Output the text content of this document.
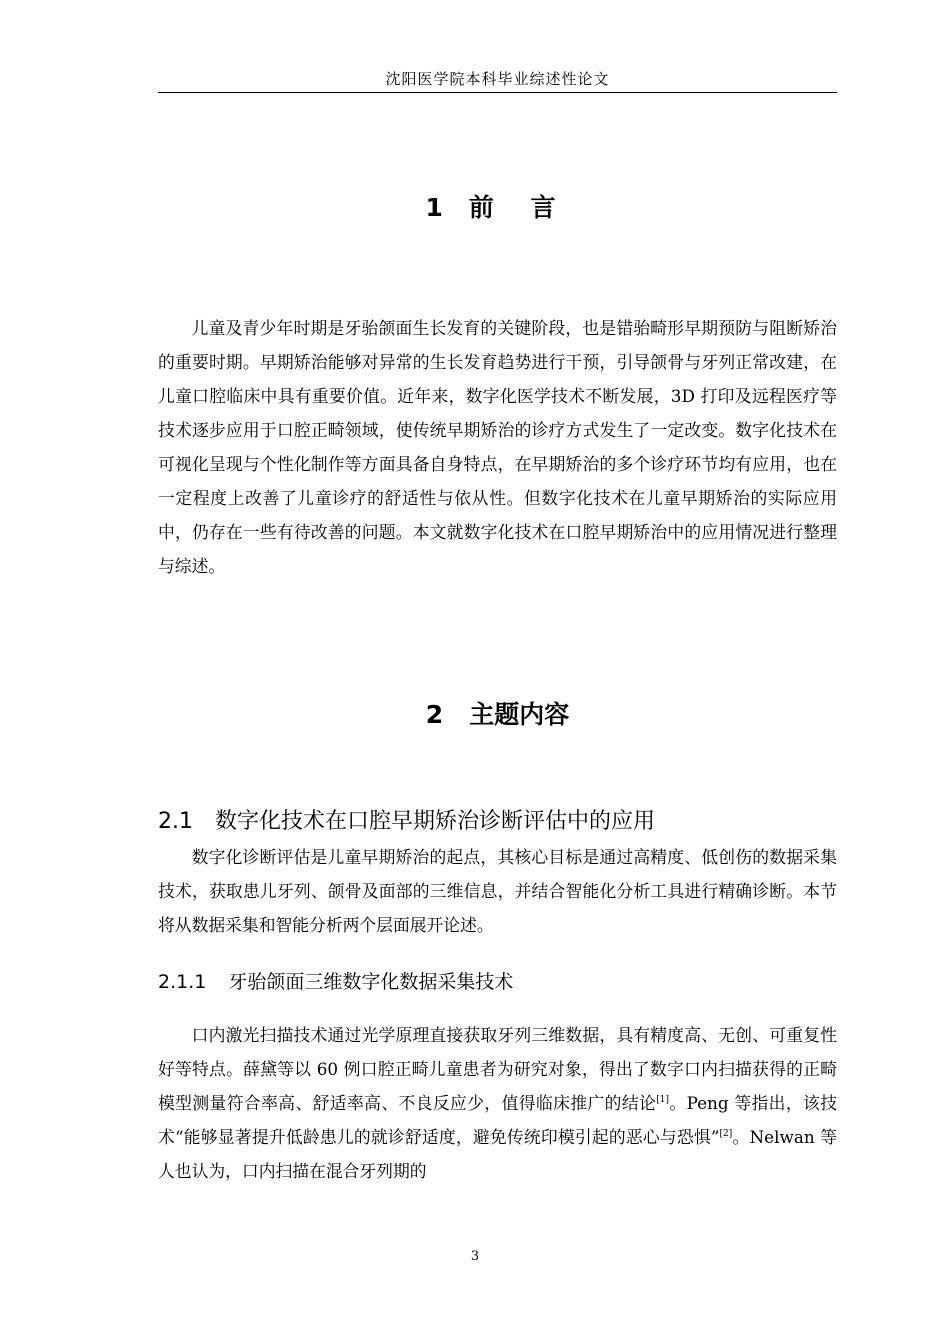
沈阳医学院本科毕业综述性论文
1 前 言

儿童及青少年时期是牙骀颌面生长发育的关键阶段，也是错骀畸形早期预防与阻断矫治的重要时期。早期矫治能够对异常的生长发育趋势进行干预，引导颌骨与牙列正常改建，在儿童口腔临床中具有重要价值。近年来，数字化医学技术不断发展，3D 打印及远程医疗等技术逐步应用于口腔正畸领域，使传统早期矫治的诊疗方式发生了一定改变。数字化技术在可视化呈现与个性化制作等方面具备自身特点，在早期矫治的多个诊疗环节均有应用，也在一定程度上改善了儿童诊疗的舒适性与依从性。但数字化技术在儿童早期矫治的实际应用中，仍存在一些有待改善的问题。本文就数字化技术在口腔早期矫治中的应用情况进行整理与综述。

2 主题内容
2.1 数字化技术在口腔早期矫治诊断评估中的应用

数字化诊断评估是儿童早期矫治的起点，其核心目标是通过高精度、低创伤的数据采集技术，获取患儿牙列、颌骨及面部的三维信息，并结合智能化分析工具进行精确诊断。本节将从数据采集和智能分析两个层面展开论述。

2.1.1 牙骀颌面三维数字化数据采集技术

口内激光扫描技术通过光学原理直接获取牙列三维数据，具有精度高、无创、可重复性好等特点。薛黛等以 60 例口腔正畸儿童患者为研究对象，得出了数字口内扫描获得的正畸模型测量符合率高、舒适率高、不良反应少，值得临床推广的结论[1]。Peng 等指出，该技术“能够显著提升低龄患儿的就诊舒适度，避免传统印模引起的恶心与恐惧”[2]。Nelwan 等人也认为，口内扫描在混合牙列期的

3
